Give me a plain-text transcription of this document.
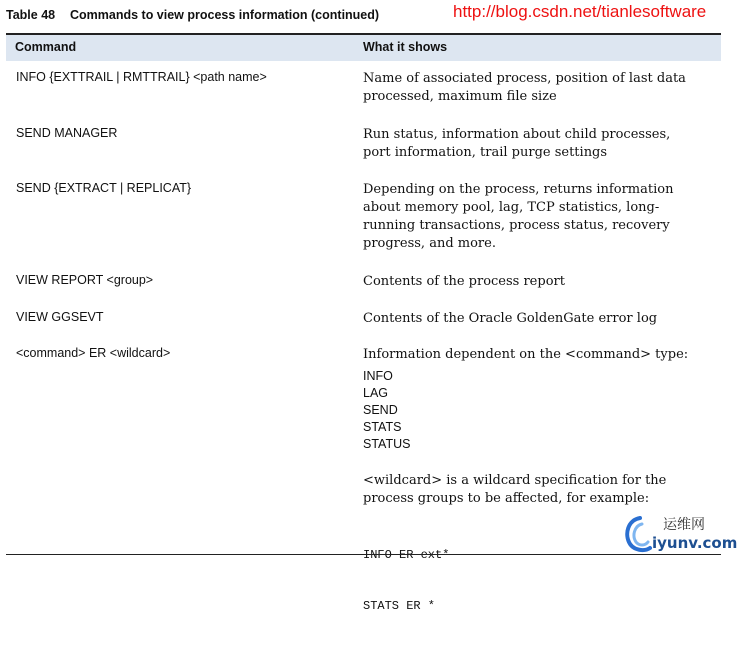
Table 48 Commands to view process information (continued)	http://blog.csdn.net/tianlesoftware
Command	What it shows
INFO {EXTTRAIL | RMTTRAIL} <path name>	Name of associated process, position of last data
processed, maximum file size
SEND MANAGER	Run status, information about child processes,
port information, trail purge settings
SEND {EXTRACT | REPLICAT}	Depending on the process, returns information
about memory pool, lag, TCP statistics, long-
running transactions, process status, recovery
progress, and more.
VIEW REPORT <group>	Contents of the process report
VIEW GGSEVT	Contents of the Oracle GoldenGate error log
<command> ER <wildcard>	Information dependent on the <command> type:
INFO
LAG
SEND
STATS
STATUS
<wildcard> is a wildcard specification for the
process groups to be affected, for example:

INFO ER ext*

STATS ER *

运维网
iyunv.com
